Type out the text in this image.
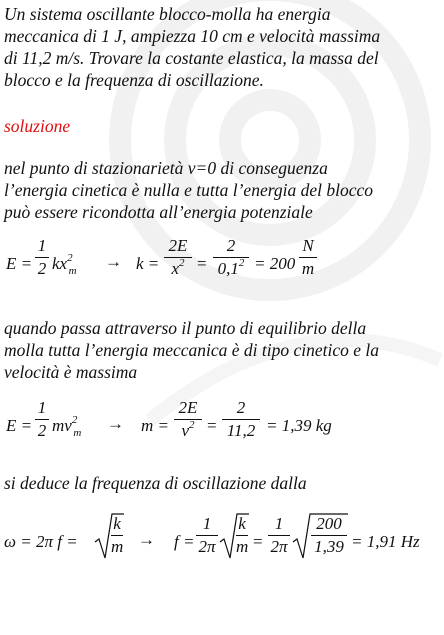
Un sistema oscillante blocco-molla ha energia
meccanica di 1 J, ampiezza 10 cm e velocità massima
di 11,2 m/s. Trovare la costante elastica, la massa del
blocco e la frequenza di oscillazione.
soluzione
nel punto di stazionarietà v=0 di conseguenza
l’energia cinetica è nulla e tutta l’energia del blocco
può essere ricondotta all’energia potenziale
E =
1
2 $kx^2_m \to k$ =
2E
$x^2$ =
2
$0,1^2 = 200$
N
m
quando passa attraverso il punto di equilibrio della
molla tutta l’energia meccanica è di tipo cinetico e la
velocità è massima
E =
1
2 $mv^2_m \to m$ =
2E
$v^2$ =
2
11,2 = 1,39 kg
si deduce la frequenza di oscillazione dalla
ω = 2π f =
k
m → f =
1
2π
k
m =
1
2π
200
1,39 = 1,91 Hz
